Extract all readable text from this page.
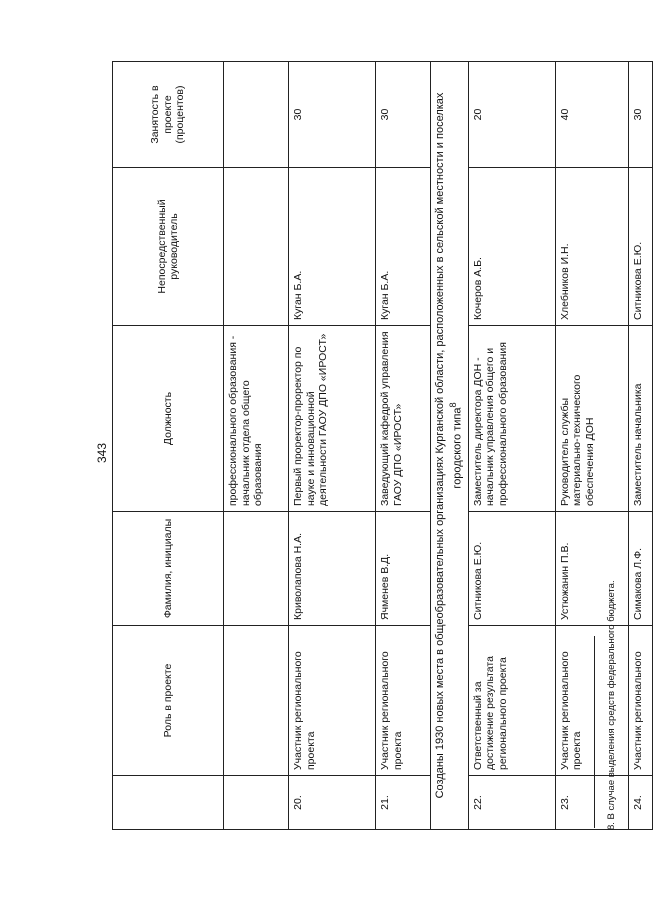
343
	Роль в проекте	Фамилия, инициалы	Должность	Непосредственный руководитель	Занятость в проекте (процентов)
			профессионального образования - начальник отдела общего образования		
20.	Участник регионального проекта	Криволапова Н.А.	Первый проректор-проректор по науке и инновационной деятельности ГАОУ ДПО «ИРОСТ»	Куган Б.А.	30
21.	Участник регионального проекта	Ячменев В.Д.	Заведующий кафедрой управления ГАОУ ДПО «ИРОСТ»	Куган Б.А.	30
Созданы 1930 новых места в общеобразовательных организациях Курганской области, расположенных в сельской местности и поселках городского типа$^8$
22.	Ответственный за достижение результата регионального проекта	Ситникова Е.Ю.	Заместитель директора ДОН - начальник управления общего и профессионального образования	Кочеров А.Б.	20
23.	Участник регионального проекта	Устюжанин П.В.	Руководитель службы материально-технического обеспечения ДОН	Хлебников И.Н.	40
24.	Участник регионального	Симакова Л.Ф.	Заместитель начальника	Ситникова Е.Ю.	30
8. В случае выделения средств федерального бюджета.
